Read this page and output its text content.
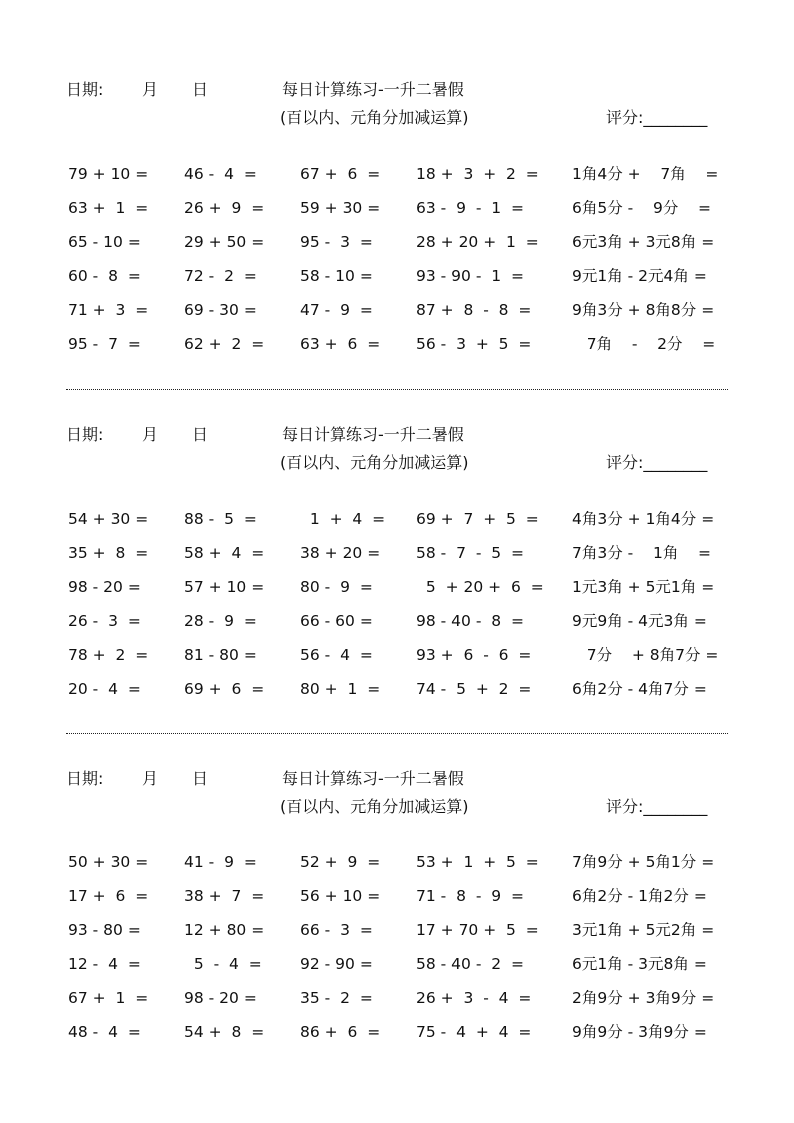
日期: 月 日	每日计算练习-一升二暑假
(百以内、元角分加减运算)	评分:________
79 + 10 = 46 -  4  =	67 +  6  = 18 +  3  +  2  = 1角4分 +    7角    =
63 +  1  = 26 +  9  = 59 + 30 = 63 -  9  -  1  =	6角5分 -    9分    =
65 - 10 =	29 + 50 = 95 -  3  =	28 + 20 +  1  = 6元3角 + 3元8角 =
60 -  8  =	72 -  2  =	58 - 10 =	93 - 90 -  1  =	9元1角 - 2元4角 =
71 +  3  = 69 - 30 =	47 -  9  =	87 +  8  -  8  =	9角3分 + 8角8分 =
95 -  7  =	62 +  2  = 63 +  6  = 56 -  3  +  5  =	7角    -    2分    =
日期: 月 日	每日计算练习-一升二暑假
(百以内、元角分加减运算)	评分:________
54 + 30 = 88 -  5  =	1  +  4  = 69 +  7  +  5  = 4角3分 + 1角4分 =
35 +  8  = 58 +  4  = 38 + 20 = 58 -  7  -  5  =	7角3分 -    1角    =
98 - 20 =	57 + 10 = 80 -  9  =	5  + 20 +  6  = 1元3角 + 5元1角 =
26 -  3  =	28 -  9  =	66 - 60 =	98 - 40 -  8  =	9元9角 - 4元3角 =
78 +  2  = 81 - 80 =	56 -  4  =	93 +  6  -  6  =	7分    + 8角7分 =
20 -  4  =	69 +  6  = 80 +  1  = 74 -  5  +  2  =	6角2分 - 4角7分 =
日期: 月 日	每日计算练习-一升二暑假
(百以内、元角分加减运算)	评分:________
50 + 30 = 41 -  9  =	52 +  9  = 53 +  1  +  5  = 7角9分 + 5角1分 =
17 +  6  = 38 +  7  = 56 + 10 = 71 -  8  -  9  =	6角2分 - 1角2分 =
93 - 80 =	12 + 80 = 66 -  3  =	17 + 70 +  5  = 3元1角 + 5元2角 =
12 -  4  =	5  -  4  = 92 - 90 =	58 - 40 -  2  =	6元1角 - 3元8角 =
67 +  1  = 98 - 20 =	35 -  2  =	26 +  3  -  4  =	2角9分 + 3角9分 =
48 -  4  =	54 +  8  = 86 +  6  = 75 -  4  +  4  =	9角9分 - 3角9分 =
